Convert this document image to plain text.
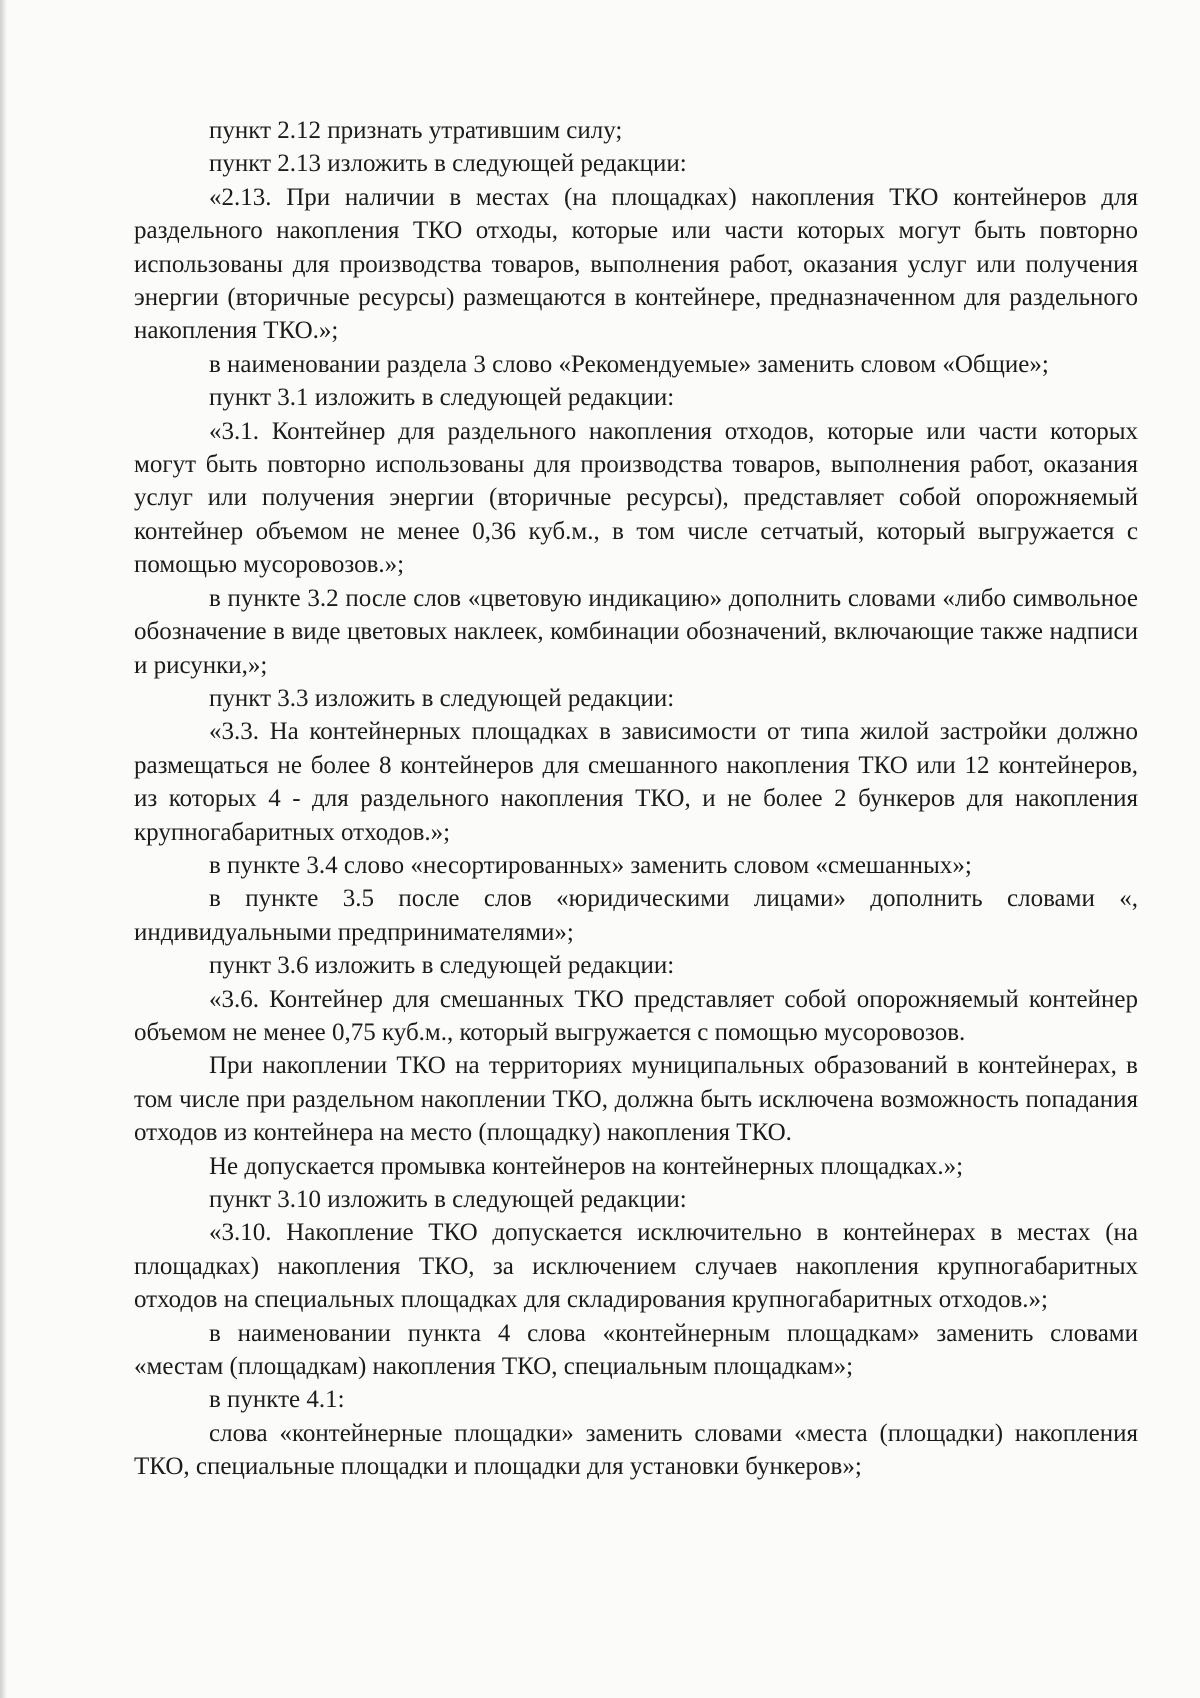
пункт 2.12 признать утратившим силу;

пункт 2.13 изложить в следующей редакции:

«2.13. При наличии в местах (на площадках) накопления ТКО контейнеров для раздельного накопления ТКО отходы, которые или части которых могут быть повторно использованы для производства товаров, выполнения работ, оказания услуг или получения энергии (вторичные ресурсы) размещаются в контейнере, предназначенном для раздельного накопления ТКО.»;

в наименовании раздела 3 слово «Рекомендуемые» заменить словом «Общие»;

пункт 3.1 изложить в следующей редакции:

«3.1. Контейнер для раздельного накопления отходов, которые или части которых могут быть повторно использованы для производства товаров, выполнения работ, оказания услуг или получения энергии (вторичные ресурсы), представляет собой опорожняемый контейнер объемом не менее 0,36 куб.м., в том числе сетчатый, который выгружается с помощью мусоровозов.»;

в пункте 3.2 после слов «цветовую индикацию» дополнить словами «либо символьное обозначение в виде цветовых наклеек, комбинации обозначений, включающие также надписи и рисунки,»;

пункт 3.3 изложить в следующей редакции:

«3.3. На контейнерных площадках в зависимости от типа жилой застройки должно размещаться не более 8 контейнеров для смешанного накопления ТКО или 12 контейнеров, из которых 4 - для раздельного накопления ТКО, и не более 2 бункеров для накопления крупногабаритных отходов.»;

в пункте 3.4 слово «несортированных» заменить словом «смешанных»;

в пункте 3.5 после слов «юридическими лицами» дополнить словами «, индивидуальными предпринимателями»;

пункт 3.6 изложить в следующей редакции:

«3.6. Контейнер для смешанных ТКО представляет собой опорожняемый контейнер объемом не менее 0,75 куб.м., который выгружается с помощью мусоровозов.

При накоплении ТКО на территориях муниципальных образований в контейнерах, в том числе при раздельном накоплении ТКО, должна быть исключена возможность попадания отходов из контейнера на место (площадку) накопления ТКО.

Не допускается промывка контейнеров на контейнерных площадках.»;

пункт 3.10 изложить в следующей редакции:

«3.10. Накопление ТКО допускается исключительно в контейнерах в местах (на площадках) накопления ТКО, за исключением случаев накопления крупногабаритных отходов на специальных площадках для складирования крупногабаритных отходов.»;

в наименовании пункта 4 слова «контейнерным площадкам» заменить словами «местам (площадкам) накопления ТКО, специальным площадкам»;

в пункте 4.1:

слова «контейнерные площадки» заменить словами «места (площадки) накопления ТКО, специальные площадки и площадки для установки бункеров»;
